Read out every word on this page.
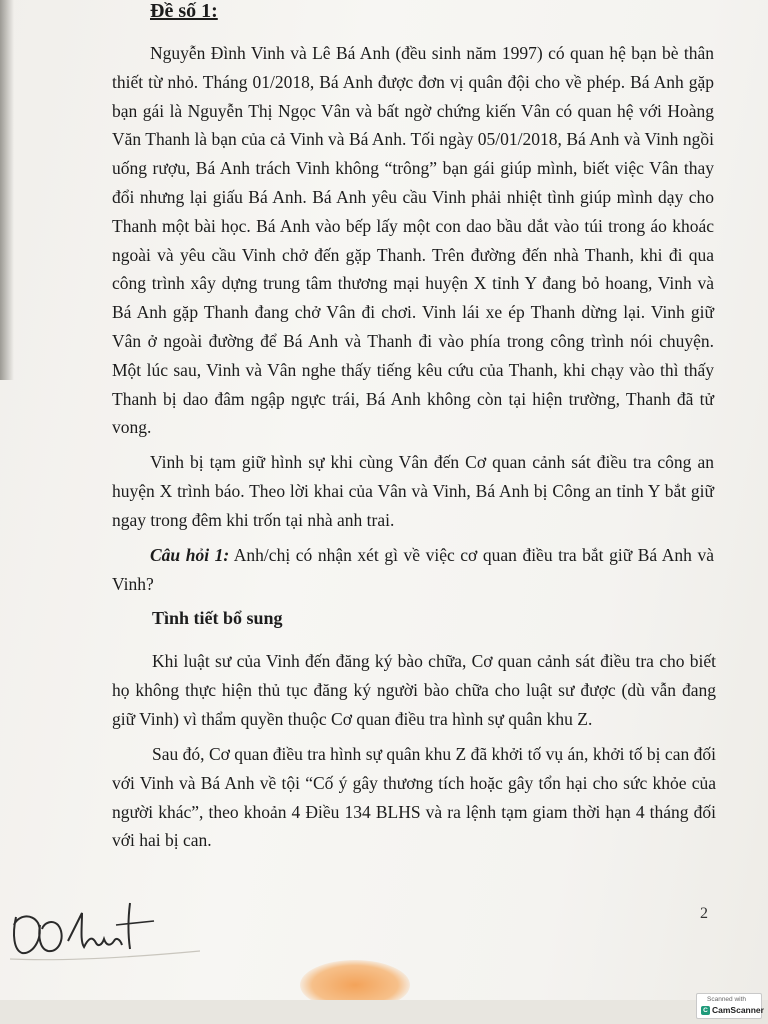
Đề số 1:

Nguyễn Đình Vinh và Lê Bá Anh (đều sinh năm 1997) có quan hệ bạn bè thân thiết từ nhỏ. Tháng 01/2018, Bá Anh được đơn vị quân đội cho về phép. Bá Anh gặp bạn gái là Nguyễn Thị Ngọc Vân và bất ngờ chứng kiến Vân có quan hệ với Hoàng Văn Thanh là bạn của cả Vinh và Bá Anh. Tối ngày 05/01/2018, Bá Anh và Vinh ngồi uống rượu, Bá Anh trách Vinh không “trông” bạn gái giúp mình, biết việc Vân thay đổi nhưng lại giấu Bá Anh. Bá Anh yêu cầu Vinh phải nhiệt tình giúp mình dạy cho Thanh một bài học. Bá Anh vào bếp lấy một con dao bầu dắt vào túi trong áo khoác ngoài và yêu cầu Vinh chở đến gặp Thanh. Trên đường đến nhà Thanh, khi đi qua công trình xây dựng trung tâm thương mại huyện X tỉnh Y đang bỏ hoang, Vinh và Bá Anh gặp Thanh đang chở Vân đi chơi. Vinh lái xe ép Thanh dừng lại. Vinh giữ Vân ở ngoài đường để Bá Anh và Thanh đi vào phía trong công trình nói chuyện. Một lúc sau, Vinh và Vân nghe thấy tiếng kêu cứu của Thanh, khi chạy vào thì thấy Thanh bị dao đâm ngập ngực trái, Bá Anh không còn tại hiện trường, Thanh đã tử vong.

Vinh bị tạm giữ hình sự khi cùng Vân đến Cơ quan cảnh sát điều tra công an huyện X trình báo. Theo lời khai của Vân và Vinh, Bá Anh bị Công an tỉnh Y bắt giữ ngay trong đêm khi trốn tại nhà anh trai.

Câu hỏi 1: Anh/chị có nhận xét gì về việc cơ quan điều tra bắt giữ Bá Anh và Vinh?

Tình tiết bổ sung

Khi luật sư của Vinh đến đăng ký bào chữa, Cơ quan cảnh sát điều tra cho biết họ không thực hiện thủ tục đăng ký người bào chữa cho luật sư được (dù vẫn đang giữ Vinh) vì thẩm quyền thuộc Cơ quan điều tra hình sự quân khu Z.

Sau đó, Cơ quan điều tra hình sự quân khu Z đã khởi tố vụ án, khởi tố bị can đối với Vinh và Bá Anh về tội “Cố ý gây thương tích hoặc gây tổn hại cho sức khỏe của người khác”, theo khoản 4 Điều 134 BLHS và ra lệnh tạm giam thời hạn 4 tháng đối với hai bị can.

2

Scanned with
C CamScanner
